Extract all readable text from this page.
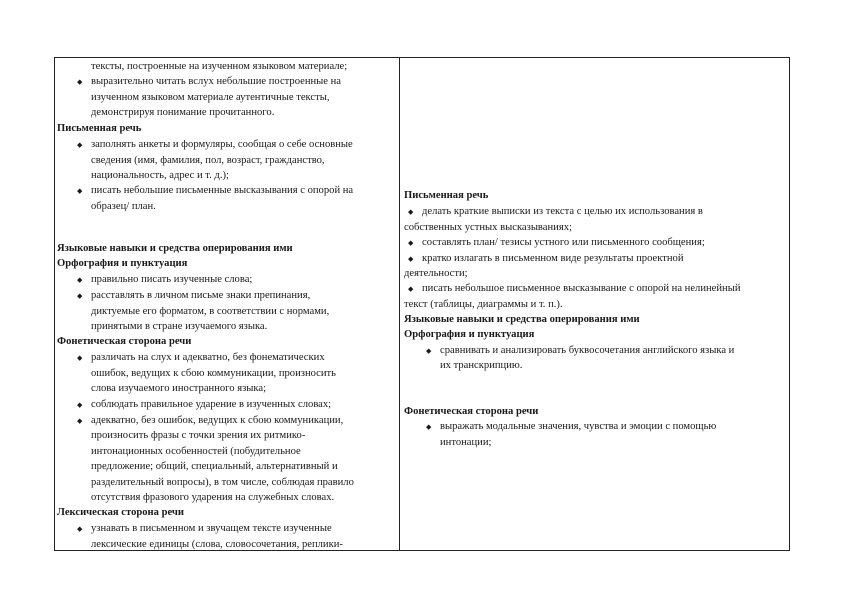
тексты, построенные на изученном языковом материале;
◆ выразительно читать вслух небольшие построенные на
изученном языковом материале аутентичные тексты,
демонстрируя понимание прочитанного.
Письменная речь
◆ заполнять анкеты и формуляры, сообщая о себе основные
сведения (имя, фамилия, пол, возраст, гражданство,
национальность, адрес и т. д.);
◆ писать небольшие письменные высказывания с опорой на
образец/ план.
Языковые навыки и средства оперирования ими
Орфография и пунктуация
◆ правильно писать изученные слова;
◆ расставлять в личном письме знаки препинания,
диктуемые его форматом, в соответствии с нормами,
принятыми в стране изучаемого языка.
Фонетическая сторона речи
◆ различать на слух и адекватно, без фонематических
ошибок, ведущих к сбою коммуникации, произносить
слова изучаемого иностранного языка;
◆ соблюдать правильное ударение в изученных словах;
◆ адекватно, без ошибок, ведущих к сбою коммуникации,
произносить фразы с точки зрения их ритмико-
интонационных особенностей (побудительное
предложение; общий, специальный, альтернативный и
разделительный вопросы), в том числе, соблюдая правило
отсутствия фразового ударения на служебных словах.
Лексическая сторона речи
◆ узнавать в письменном и звучащем тексте изученные
лексические единицы (слова, словосочетания, реплики-
Письменная речь
◆ делать краткие выписки из текста с целью их использования в
собственных устных высказываниях;
◆ составлять план/ тезисы устного или письменного сообщения;
◆ кратко излагать в письменном виде результаты проектной
деятельности;
◆ писать небольшое письменное высказывание с опорой на нелинейный
текст (таблицы, диаграммы и т. п.).
Языковые навыки и средства оперирования ими
Орфография и пунктуация
◆ сравнивать и анализировать буквосочетания английского языка и
их транскрипцию.
Фонетическая сторона речи
◆ выражать модальные значения, чувства и эмоции с помощью
интонации;
